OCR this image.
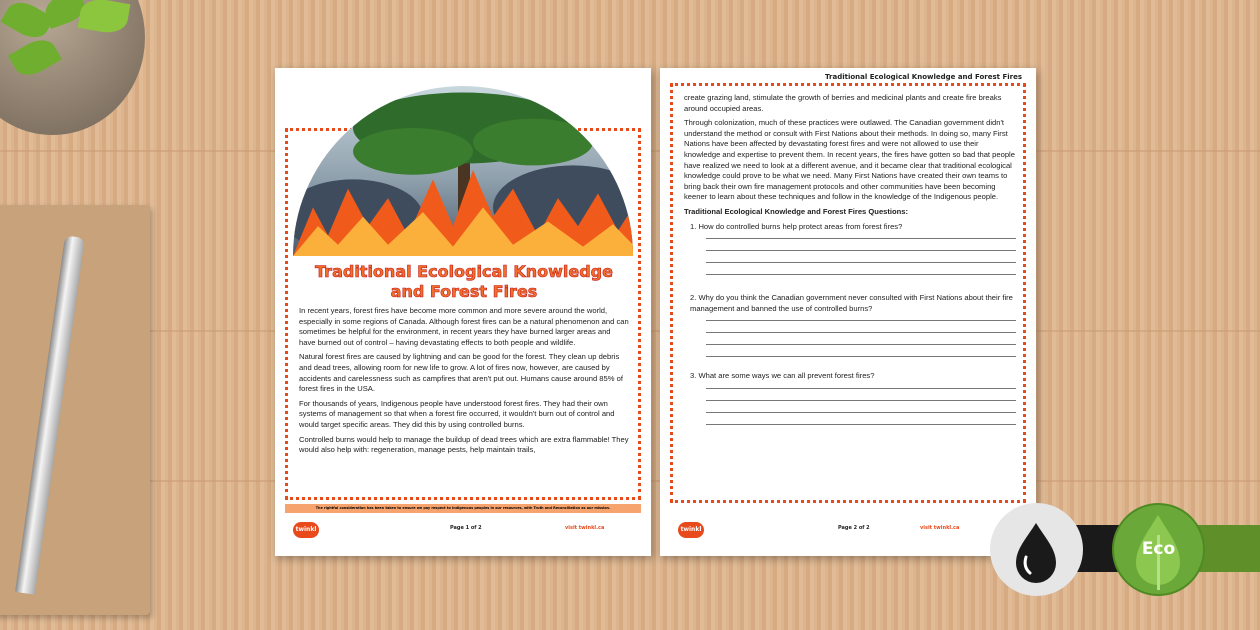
Traditional Ecological Knowledge
and Forest Fires

In recent years, forest fires have become more common and more severe around the world, especially in some regions of Canada. Although forest fires can be a natural phenomenon and can sometimes be helpful for the environment, in recent years they have burned larger areas and have burned out of control – having devastating effects to both people and wildlife.

Natural forest fires are caused by lightning and can be good for the forest. They clean up debris and dead trees, allowing room for new life to grow. A lot of fires now, however, are caused by accidents and carelessness such as campfires that aren't put out. Humans cause around 85% of forest fires in the USA.

For thousands of years, Indigenous people have understood forest fires. They had their own systems of management so that when a forest fire occurred, it wouldn't burn out of control and would target specific areas. They did this by using controlled burns.

Controlled burns would help to manage the buildup of dead trees which are extra flammable! They would also help with: regeneration, manage pests, help maintain trails,

The rightful consideration has been taken to ensure we pay respect to Indigenous peoples in our resources, with Truth and Reconciliation as our mission.
twinkl	Page 1 of 2	visit twinkl.ca
Traditional Ecological Knowledge and Forest Fires

create grazing land, stimulate the growth of berries and medicinal plants and create fire breaks around occupied areas.

Through colonization, much of these practices were outlawed. The Canadian government didn't understand the method or consult with First Nations about their methods. In doing so, many First Nations have been affected by devastating forest fires and were not allowed to use their knowledge and expertise to prevent them. In recent years, the fires have gotten so bad that people have realized we need to look at a different avenue, and it became clear that traditional ecological knowledge could prove to be what we need. Many First Nations have created their own teams to bring back their own fire management protocols and other communities have been becoming keener to learn about these techniques and follow in the knowledge of the Indigenous people.

Traditional Ecological Knowledge and Forest Fires Questions:

1. How do controlled burns help protect areas from forest fires?

2. Why do you think the Canadian government never consulted with First Nations about their fire management and banned the use of controlled burns?

3. What are some ways we can all prevent forest fires?

twinkl	Page 2 of 2	visit twinkl.ca
Eco
